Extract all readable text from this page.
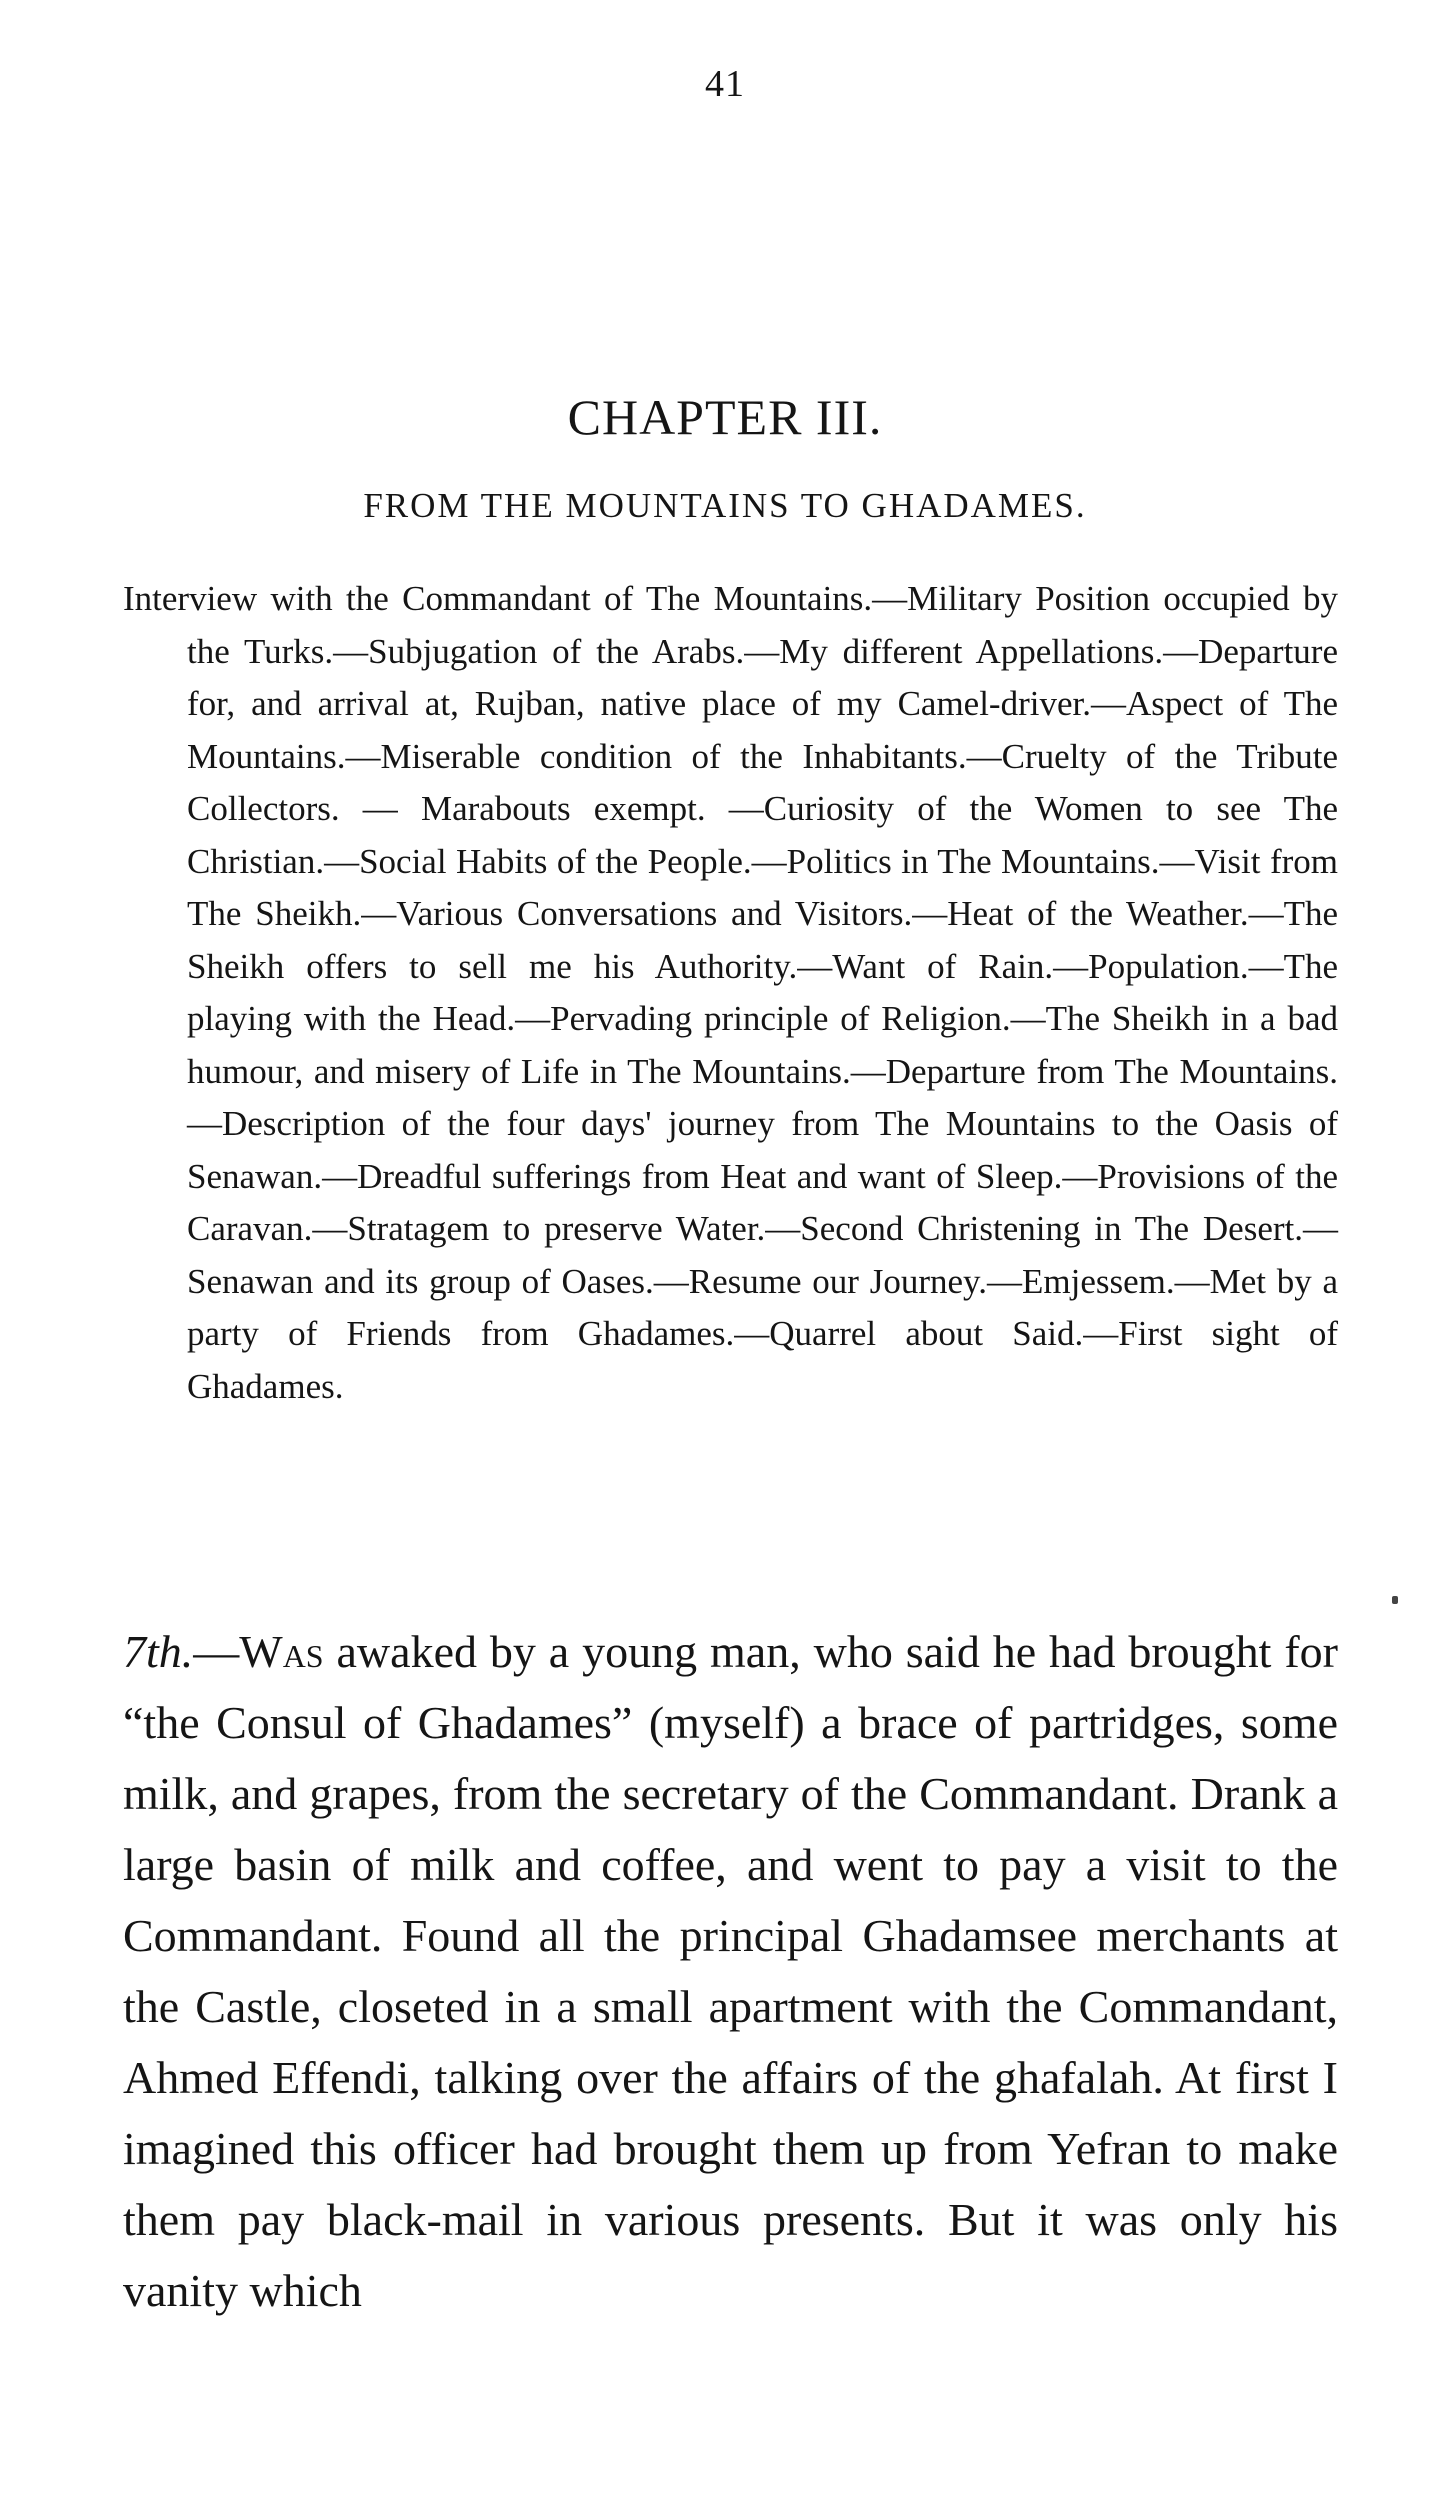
41
CHAPTER III.
FROM THE MOUNTAINS TO GHADAMES.

Interview with the Commandant of The Mountains.—Military Position occupied by the Turks.—Subjugation of the Arabs.—My different Appellations.—Departure for, and arrival at, Rujban, native place of my Camel-driver.—Aspect of The Mountains.—Miserable condition of the Inhabitants.—Cruelty of the Tribute Collectors. — Marabouts exempt. —Curiosity of the Women to see The Christian.—Social Habits of the People.—Politics in The Mountains.—Visit from The Sheikh.—Various Conversations and Visitors.—Heat of the Weather.—The Sheikh offers to sell me his Authority.—Want of Rain.—Population.—The playing with the Head.—Pervading principle of Religion.—The Sheikh in a bad humour, and misery of Life in The Mountains.—Departure from The Mountains.—Description of the four days' journey from The Mountains to the Oasis of Senawan.—Dreadful sufferings from Heat and want of Sleep.—Provisions of the Caravan.—Stratagem to preserve Water.—Second Christening in The Desert.—Senawan and its group of Oases.—Resume our Journey.—Emjessem.—Met by a party of Friends from Ghadames.—Quarrel about Said.—First sight of Ghadames.

7th.—Was awaked by a young man, who said he had brought for “the Consul of Ghadames” (myself) a brace of partridges, some milk, and grapes, from the secretary of the Commandant. Drank a large basin of milk and coffee, and went to pay a visit to the Commandant. Found all the principal Ghadamsee merchants at the Castle, closeted in a small apartment with the Commandant, Ahmed Effendi, talking over the affairs of the ghafalah. At first I imagined this officer had brought them up from Yefran to make them pay black-mail in various presents. But it was only his vanity which
